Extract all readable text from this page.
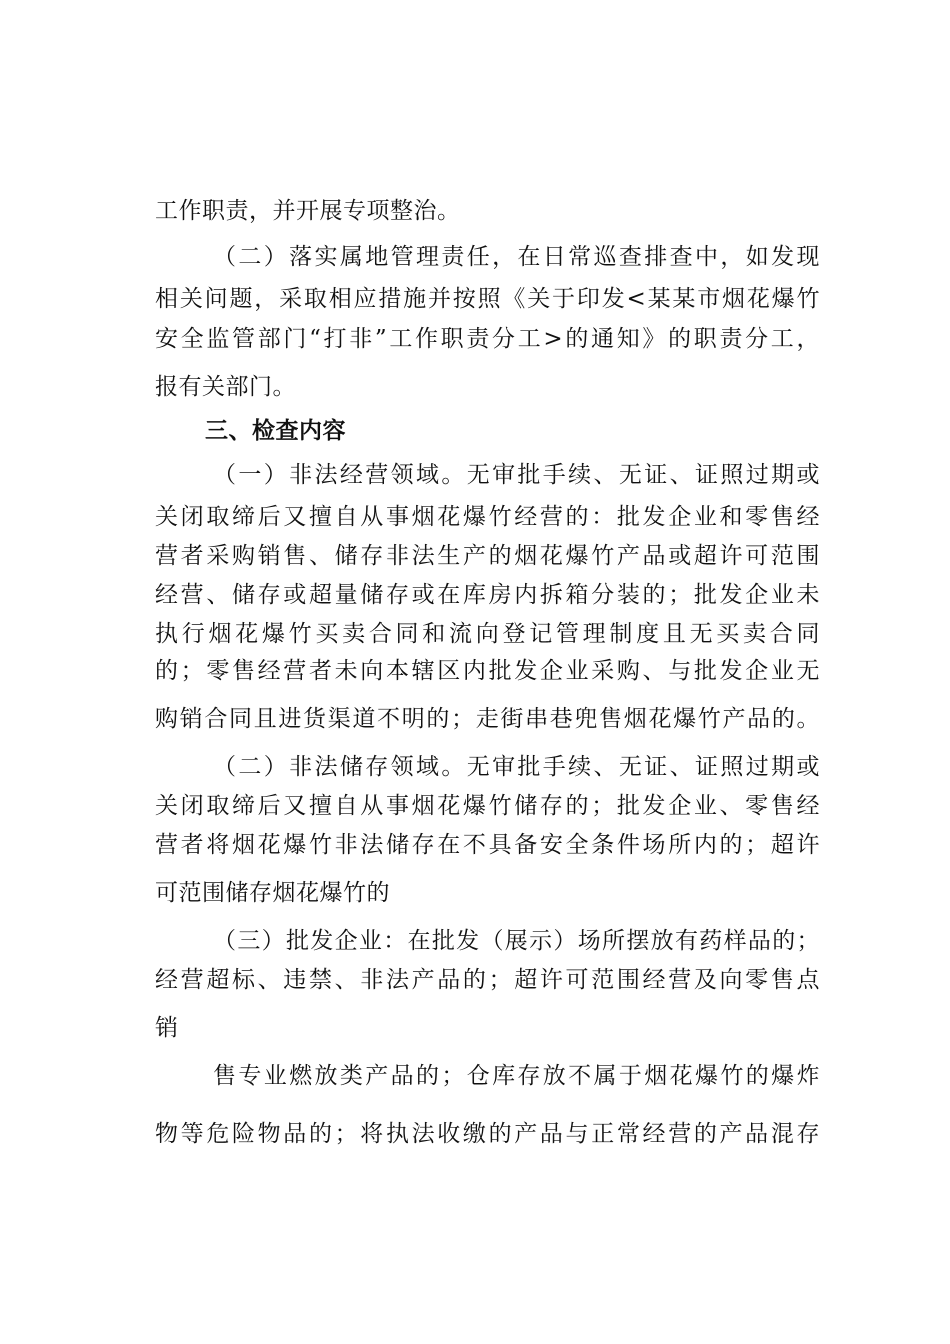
工作职责，并开展专项整治。
（二）落实属地管理责任，在日常巡查排查中，如发现
相关问题，采取相应措施并按照《关于印发<某某市烟花爆竹
安全监管部门“打非”工作职责分工>的通知》的职责分工，
报有关部门。
三、检查内容
（一）非法经营领域。无审批手续、无证、证照过期或
关闭取缔后又擅自从事烟花爆竹经营的：批发企业和零售经
营者采购销售、储存非法生产的烟花爆竹产品或超许可范围
经营、储存或超量储存或在库房内拆箱分装的；批发企业未
执行烟花爆竹买卖合同和流向登记管理制度且无买卖合同
的；零售经营者未向本辖区内批发企业采购、与批发企业无
购销合同且进货渠道不明的；走街串巷兜售烟花爆竹产品的。
（二）非法储存领域。无审批手续、无证、证照过期或
关闭取缔后又擅自从事烟花爆竹储存的；批发企业、零售经
营者将烟花爆竹非法储存在不具备安全条件场所内的；超许
可范围储存烟花爆竹的
（三）批发企业：在批发（展示）场所摆放有药样品的；
经营超标、违禁、非法产品的；超许可范围经营及向零售点
销
售专业燃放类产品的；仓库存放不属于烟花爆竹的爆炸
物等危险物品的；将执法收缴的产品与正常经营的产品混存
